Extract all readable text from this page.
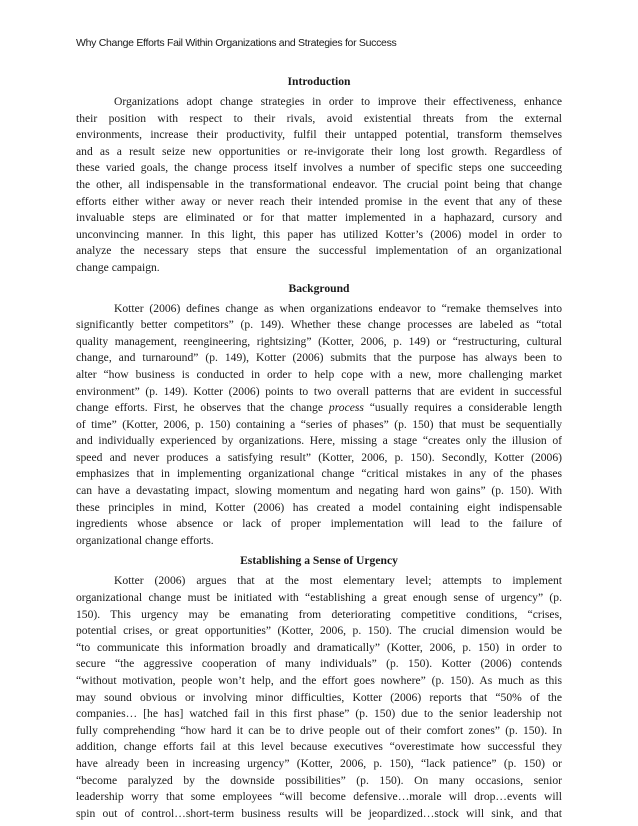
Why Change Efforts Fail Within Organizations and Strategies for Success
Introduction
Organizations adopt change strategies in order to improve their effectiveness, enhance
their position with respect to their rivals, avoid existential threats from the external
environments, increase their productivity, fulfil their untapped potential, transform themselves
and as a result seize new opportunities or re-invigorate their long lost growth. Regardless of
these varied goals, the change process itself involves a number of specific steps one succeeding
the other, all indispensable in the transformational endeavor. The crucial point being that change
efforts either wither away or never reach their intended promise in the event that any of these
invaluable steps are eliminated or for that matter implemented in a haphazard, cursory and
unconvincing manner. In this light, this paper has utilized Kotter’s (2006) model in order to
analyze the necessary steps that ensure the successful implementation of an organizational
change campaign.
Background
Kotter (2006) defines change as when organizations endeavor to “remake themselves into
significantly better competitors” (p. 149). Whether these change processes are labeled as “total
quality management, reengineering, rightsizing” (Kotter, 2006, p. 149) or “restructuring, cultural
change, and turnaround” (p. 149), Kotter (2006) submits that the purpose has always been to
alter “how business is conducted in order to help cope with a new, more challenging market
environment” (p. 149). Kotter (2006) points to two overall patterns that are evident in successful
change efforts. First, he observes that the change process “usually requires a considerable length
of time” (Kotter, 2006, p. 150) containing a “series of phases” (p. 150) that must be sequentially
and individually experienced by organizations. Here, missing a stage “creates only the illusion of
speed and never produces a satisfying result” (Kotter, 2006, p. 150). Secondly, Kotter (2006)
emphasizes that in implementing organizational change “critical mistakes in any of the phases
can have a devastating impact, slowing momentum and negating hard won gains” (p. 150). With
these principles in mind, Kotter (2006) has created a model containing eight indispensable
ingredients whose absence or lack of proper implementation will lead to the failure of
organizational change efforts.
Establishing a Sense of Urgency
Kotter (2006) argues that at the most elementary level; attempts to implement
organizational change must be initiated with “establishing a great enough sense of urgency” (p.
150). This urgency may be emanating from deteriorating competitive conditions, “crises,
potential crises, or great opportunities” (Kotter, 2006, p. 150). The crucial dimension would be
“to communicate this information broadly and dramatically” (Kotter, 2006, p. 150) in order to
secure “the aggressive cooperation of many individuals” (p. 150). Kotter (2006) contends
“without motivation, people won’t help, and the effort goes nowhere” (p. 150). As much as this
may sound obvious or involving minor difficulties, Kotter (2006) reports that “50% of the
companies… [he has] watched fail in this first phase” (p. 150) due to the senior leadership not
fully comprehending “how hard it can be to drive people out of their comfort zones” (p. 150). In
addition, change efforts fail at this level because executives “overestimate how successful they
have already been in increasing urgency” (Kotter, 2006, p. 150), “lack patience” (p. 150) or
“become paralyzed by the downside possibilities” (p. 150). On many occasions, senior
leadership worry that some employees “will become defensive…morale will drop…events will
spin out of control…short-term business results will be jeopardized…stock will sink, and that
